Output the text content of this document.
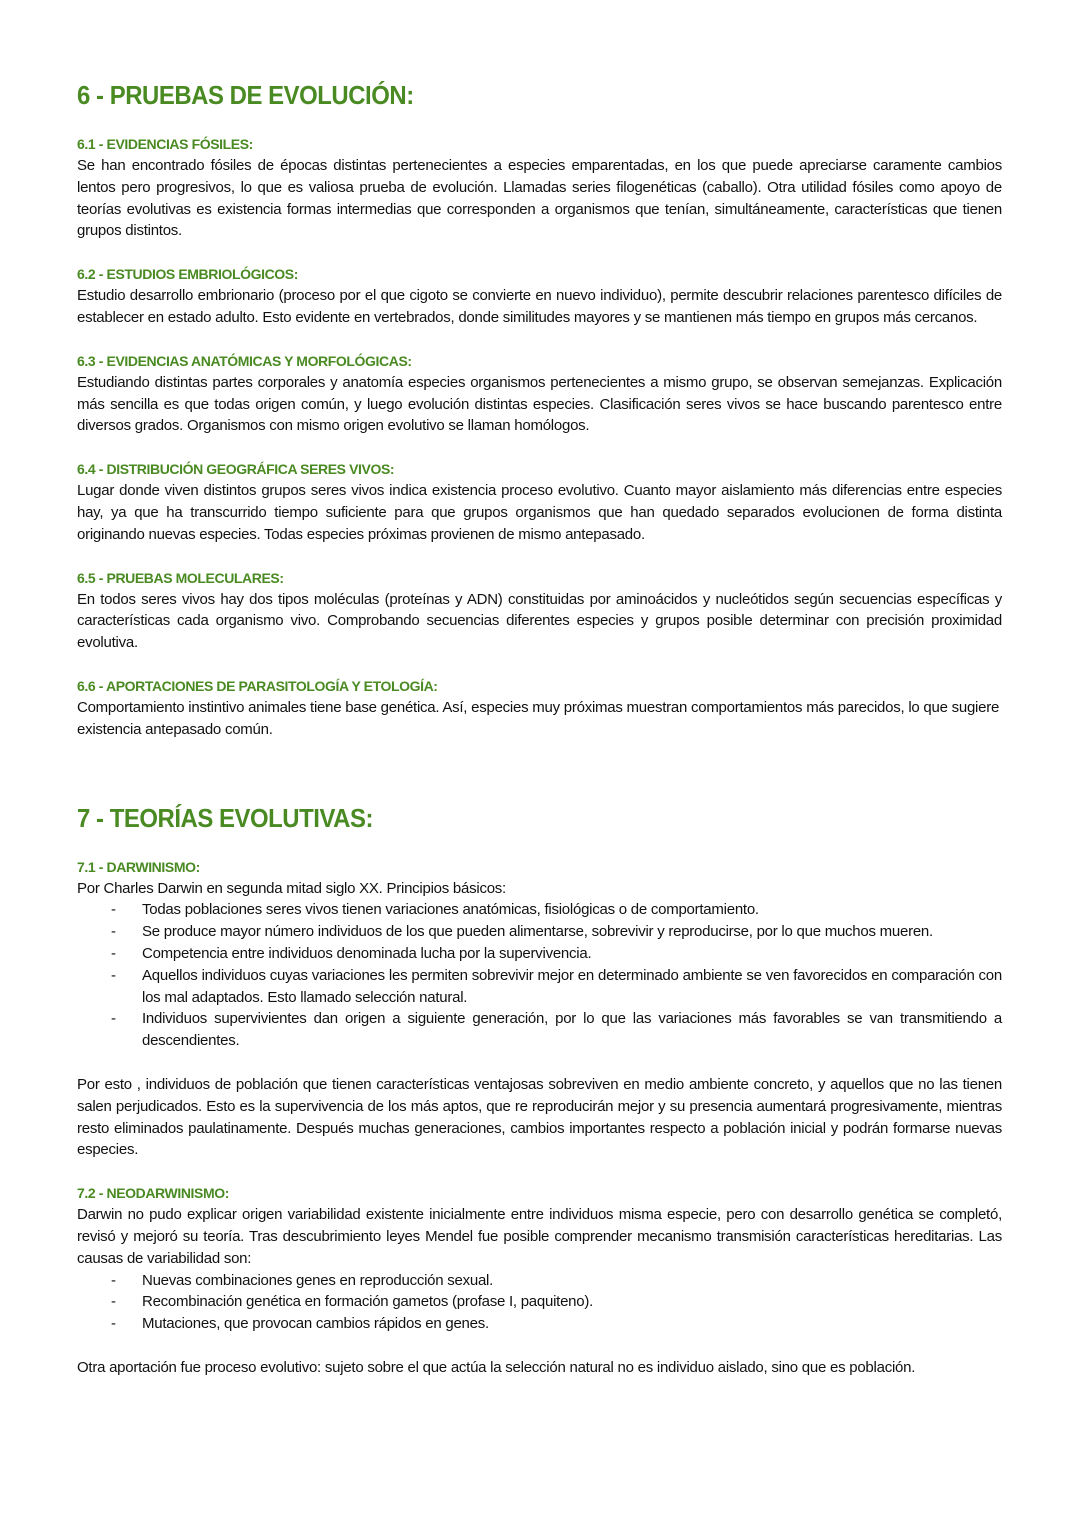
6 - PRUEBAS DE EVOLUCIÓN:
6.1 - EVIDENCIAS FÓSILES:

Se han encontrado fósiles de épocas distintas pertenecientes a especies emparentadas, en los que puede apreciarse caramente cambios lentos pero progresivos, lo que es valiosa prueba de evolución. Llamadas series filogenéticas (caballo). Otra utilidad fósiles como apoyo de teorías evolutivas es existencia formas intermedias que corresponden a organismos que tenían, simultáneamente, características que tienen grupos distintos.

6.2 - ESTUDIOS EMBRIOLÓGICOS:

Estudio desarrollo embrionario (proceso por el que cigoto se convierte en nuevo individuo), permite descubrir relaciones parentesco difíciles de establecer en estado adulto. Esto evidente en vertebrados, donde similitudes mayores y se mantienen más tiempo en grupos más cercanos.

6.3 - EVIDENCIAS ANATÓMICAS Y MORFOLÓGICAS:

Estudiando distintas partes corporales y anatomía especies organismos pertenecientes a mismo grupo, se observan semejanzas. Explicación más sencilla es que todas origen común, y luego evolución distintas especies. Clasificación seres vivos se hace buscando parentesco entre diversos grados. Organismos con mismo origen evolutivo se llaman homólogos.

6.4 - DISTRIBUCIÓN GEOGRÁFICA SERES VIVOS:

Lugar donde viven distintos grupos seres vivos indica existencia proceso evolutivo. Cuanto mayor aislamiento más diferencias entre especies hay, ya que ha transcurrido tiempo suficiente para que grupos organismos que han quedado separados evolucionen de forma distinta originando nuevas especies. Todas especies próximas provienen de mismo antepasado.

6.5 - PRUEBAS MOLECULARES:

En todos seres vivos hay dos tipos moléculas (proteínas y ADN) constituidas por aminoácidos y nucleótidos según secuencias específicas y características cada organismo vivo. Comprobando secuencias diferentes especies y grupos posible determinar con precisión proximidad evolutiva.

6.6 - APORTACIONES DE PARASITOLOGÍA Y ETOLOGÍA:

Comportamiento instintivo animales tiene base genética. Así, especies muy próximas muestran comportamientos más parecidos, lo que sugiere existencia antepasado común.

7 - TEORÍAS EVOLUTIVAS:
7.1 - DARWINISMO:

Por Charles Darwin en segunda mitad siglo XX. Principios básicos:

- Todas poblaciones seres vivos tienen variaciones anatómicas, fisiológicas o de comportamiento.
- Se produce mayor número individuos de los que pueden alimentarse, sobrevivir y reproducirse, por lo que muchos mueren.
- Competencia entre individuos denominada lucha por la supervivencia.
- Aquellos individuos cuyas variaciones les permiten sobrevivir mejor en determinado ambiente se ven favorecidos en comparación con los mal adaptados. Esto llamado selección natural.
- Individuos supervivientes dan origen a siguiente generación, por lo que las variaciones más favorables se van transmitiendo a descendientes.

Por esto , individuos de población que tienen características ventajosas sobreviven en medio ambiente concreto, y aquellos que no las tienen salen perjudicados. Esto es la supervivencia de los más aptos, que re reproducirán mejor y su presencia aumentará progresivamente, mientras resto eliminados paulatinamente. Después muchas generaciones, cambios importantes respecto a población inicial y podrán formarse nuevas especies.

7.2 - NEODARWINISMO:

Darwin no pudo explicar origen variabilidad existente inicialmente entre individuos misma especie, pero con desarrollo genética se completó, revisó y mejoró su teoría. Tras descubrimiento leyes Mendel fue posible comprender mecanismo transmisión características hereditarias. Las causas de variabilidad son:

- Nuevas combinaciones genes en reproducción sexual.
- Recombinación genética en formación gametos (profase I, paquiteno).
- Mutaciones, que provocan cambios rápidos en genes.

Otra aportación fue proceso evolutivo: sujeto sobre el que actúa la selección natural no es individuo aislado, sino que es población.
